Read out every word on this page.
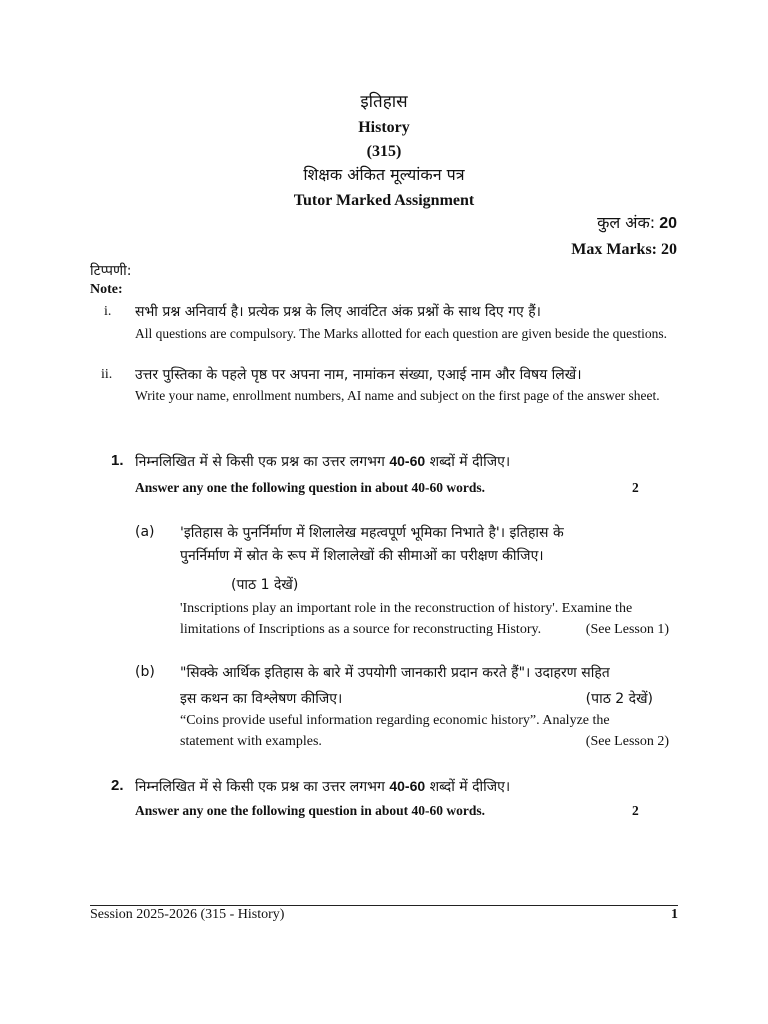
इतिहास
History
(315)
शिक्षक अंकित मूल्यांकन पत्र
Tutor Marked Assignment
कुल अंक: 20
Max Marks: 20
टिप्पणी:
Note:
i. सभी प्रश्न अनिवार्य है। प्रत्येक प्रश्न के लिए आवंटित अंक प्रश्नों के साथ दिए गए हैं।
All questions are compulsory. The Marks allotted for each question are given beside the questions.
ii. उत्तर पुस्तिका के पहले पृष्ठ पर अपना नाम, नामांकन संख्या, एआई नाम और विषय लिखें।
Write your name, enrollment numbers, AI name and subject on the first page of the answer sheet.
1. निम्नलिखित में से किसी एक प्रश्न का उत्तर लगभग 40-60 शब्दों में दीजिए।
Answer any one the following question in about 40-60 words.	2
(a) 'इतिहास के पुनर्निर्माण में शिलालेख महत्वपूर्ण भूमिका निभाते है'। इतिहास के
पुनर्निर्माण में स्रोत के रूप में शिलालेखों की सीमाओं का परीक्षण कीजिए।
(पाठ 1 देखें)
'Inscriptions play an important role in the reconstruction of history'. Examine the
limitations of Inscriptions as a source for reconstructing History.	(See Lesson 1)
(b) "सिक्के आर्थिक इतिहास के बारे में उपयोगी जानकारी प्रदान करते हैं"। उदाहरण सहित
इस कथन का विश्लेषण कीजिए।	(पाठ 2 देखें)
“Coins provide useful information regarding economic history”. Analyze the
statement with examples.	(See Lesson 2)
2. निम्नलिखित में से किसी एक प्रश्न का उत्तर लगभग 40-60 शब्दों में दीजिए।
Answer any one the following question in about 40-60 words.	2
Session 2025-2026 (315 - History)	1
